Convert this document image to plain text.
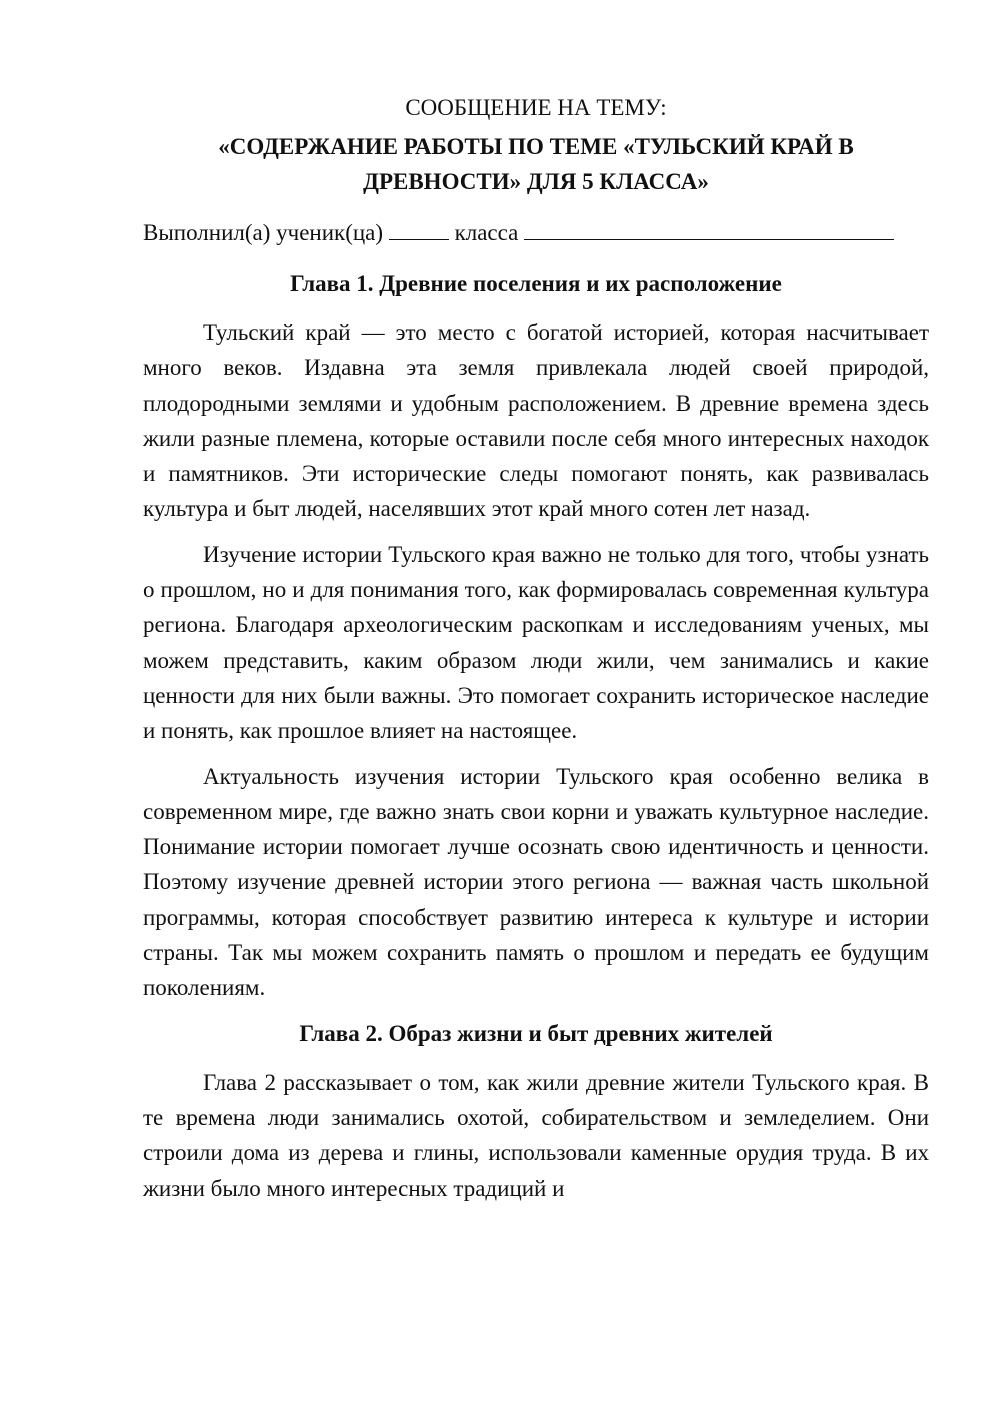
СООБЩЕНИЕ НА ТЕМУ:
«СОДЕРЖАНИЕ РАБОТЫ ПО ТЕМЕ «ТУЛЬСКИЙ КРАЙ В ДРЕВНОСТИ» ДЛЯ 5 КЛАССА»
Выполнил(а) ученик(ца)	класса
Глава 1. Древние поселения и их расположение

Тульский край — это место с богатой историей, которая насчитывает много веков. Издавна эта земля привлекала людей своей природой, плодородными землями и удобным расположением. В древние времена здесь жили разные племена, которые оставили после себя много интересных находок и памятников. Эти исторические следы помогают понять, как развивалась культура и быт людей, населявших этот край много сотен лет назад.

Изучение истории Тульского края важно не только для того, чтобы узнать о прошлом, но и для понимания того, как формировалась современная культура региона. Благодаря археологическим раскопкам и исследованиям ученых, мы можем представить, каким образом люди жили, чем занимались и какие ценности для них были важны. Это помогает сохранить историческое наследие и понять, как прошлое влияет на настоящее.

Актуальность изучения истории Тульского края особенно велика в современном мире, где важно знать свои корни и уважать культурное наследие. Понимание истории помогает лучше осознать свою идентичность и ценности. Поэтому изучение древней истории этого региона — важная часть школьной программы, которая способствует развитию интереса к культуре и истории страны. Так мы можем сохранить память о прошлом и передать ее будущим поколениям.

Глава 2. Образ жизни и быт древних жителей

Глава 2 рассказывает о том, как жили древние жители Тульского края. В те времена люди занимались охотой, собирательством и земледелием. Они строили дома из дерева и глины, использовали каменные орудия труда. В их жизни было много интересных традиций и
